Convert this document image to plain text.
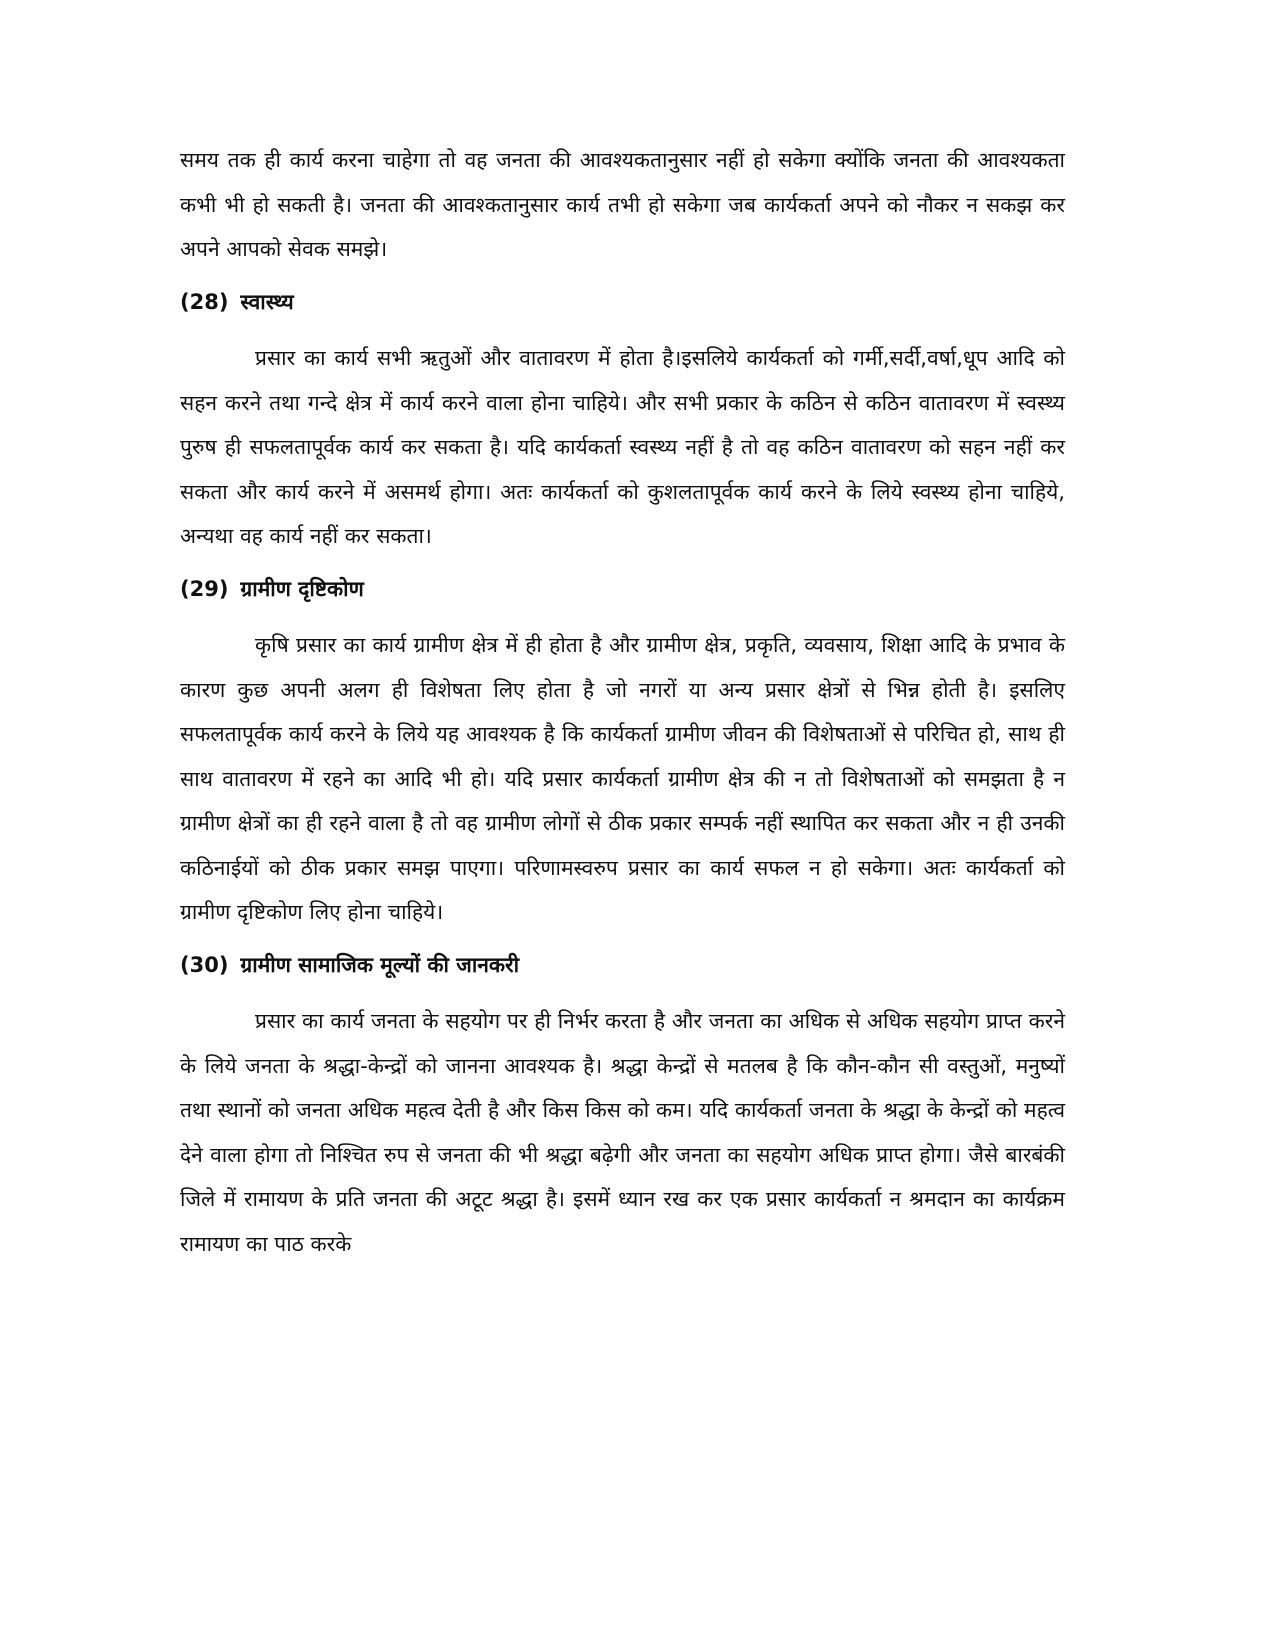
समय तक ही कार्य करना चाहेगा तो वह जनता की आवश्यकतानुसार नहीं हो सकेगा क्योंकि जनता की आवश्यकता कभी भी हो सकती है। जनता की आवश्कतानुसार कार्य तभी हो सकेगा जब कार्यकर्ता अपने को नौकर न सकझ कर अपने आपको सेवक समझे।

(28) स्वास्थ्य

प्रसार का कार्य सभी ऋतुओं और वातावरण में होता है।इसलिये कार्यकर्ता को गर्मी,सर्दी,वर्षा,धूप आदि को सहन करने तथा गन्दे क्षेत्र में कार्य करने वाला होना चाहिये। और सभी प्रकार के कठिन से कठिन वातावरण में स्वस्थ्य पुरुष ही सफलतापूर्वक कार्य कर सकता है। यदि कार्यकर्ता स्वस्थ्य नहीं है तो वह कठिन वातावरण को सहन नहीं कर सकता और कार्य करने में असमर्थ होगा। अतः कार्यकर्ता को कुशलतापूर्वक कार्य करने के लिये स्वस्थ्य होना चाहिये, अन्यथा वह कार्य नहीं कर सकता।

(29) ग्रामीण दृष्टिकोण

कृषि प्रसार का कार्य ग्रामीण क्षेत्र में ही होता है और ग्रामीण क्षेत्र, प्रकृति, व्यवसाय, शिक्षा आदि के प्रभाव के कारण कुछ अपनी अलग ही विशेषता लिए होता है जो नगरों या अन्य प्रसार क्षेत्रों से भिन्न होती है। इसलिए सफलतापूर्वक कार्य करने के लिये यह आवश्यक है कि कार्यकर्ता ग्रामीण जीवन की विशेषताओं से परिचित हो, साथ ही साथ वातावरण में रहने का आदि भी हो। यदि प्रसार कार्यकर्ता ग्रामीण क्षेत्र की न तो विशेषताओं को समझता है न ग्रामीण क्षेत्रों का ही रहने वाला है तो वह ग्रामीण लोगों से ठीक प्रकार सम्पर्क नहीं स्थापित कर सकता और न ही उनकी कठिनाईयों को ठीक प्रकार समझ पाएगा। परिणामस्वरुप प्रसार का कार्य सफल न हो सकेगा। अतः कार्यकर्ता को ग्रामीण दृष्टिकोण लिए होना चाहिये।

(30) ग्रामीण सामाजिक मूल्यों की जानकरी

प्रसार का कार्य जनता के सहयोग पर ही निर्भर करता है और जनता का अधिक से अधिक सहयोग प्राप्त करने के लिये जनता के श्रद्धा-केन्द्रों को जानना आवश्यक है। श्रद्धा केन्द्रों से मतलब है कि कौन-कौन सी वस्तुओं, मनुष्यों तथा स्थानों को जनता अधिक महत्व देती है और किस किस को कम। यदि कार्यकर्ता जनता के श्रद्धा के केन्द्रों को महत्व देने वाला होगा तो निश्चित रुप से जनता की भी श्रद्धा बढ़ेगी और जनता का सहयोग अधिक प्राप्त होगा। जैसे बारबंकी जिले में रामायण के प्रति जनता की अटूट श्रद्धा है। इसमें ध्यान रख कर एक प्रसार कार्यकर्ता न श्रमदान का कार्यक्रम रामायण का पाठ करके
